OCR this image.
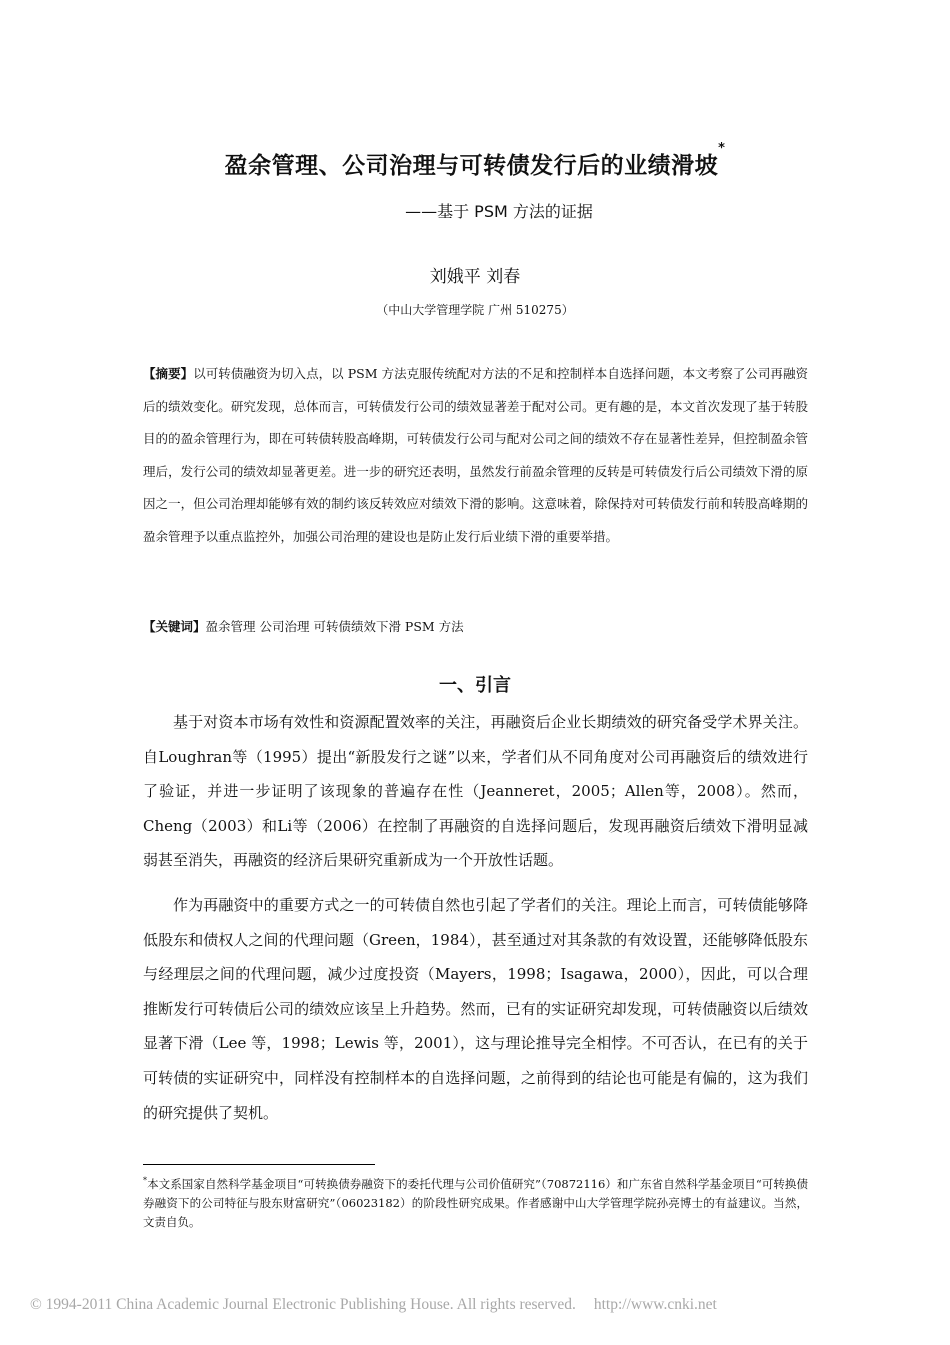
盈余管理、公司治理与可转债发行后的业绩滑坡*
——基于 PSM 方法的证据
刘娥平 刘春
（中山大学管理学院 广州 510275）
【摘要】以可转债融资为切入点，以 PSM 方法克服传统配对方法的不足和控制样本自选择问题，本文考察了公司再融资后的绩效变化。研究发现，总体而言，可转债发行公司的绩效显著差于配对公司。更有趣的是，本文首次发现了基于转股目的的盈余管理行为，即在可转债转股高峰期，可转债发行公司与配对公司之间的绩效不存在显著性差异，但控制盈余管理后，发行公司的绩效却显著更差。进一步的研究还表明，虽然发行前盈余管理的反转是可转债发行后公司绩效下滑的原因之一，但公司治理却能够有效的制约该反转效应对绩效下滑的影响。这意味着，除保持对可转债发行前和转股高峰期的盈余管理予以重点监控外，加强公司治理的建设也是防止发行后业绩下滑的重要举措。
【关键词】盈余管理 公司治理 可转债绩效下滑 PSM 方法
一、引言

基于对资本市场有效性和资源配置效率的关注，再融资后企业长期绩效的研究备受学术界关注。自Loughran等（1995）提出“新股发行之谜”以来，学者们从不同角度对公司再融资后的绩效进行了验证，并进一步证明了该现象的普遍存在性（Jeanneret，2005；Allen等，2008）。然而，Cheng（2003）和Li等（2006）在控制了再融资的自选择问题后，发现再融资后绩效下滑明显减弱甚至消失，再融资的经济后果研究重新成为一个开放性话题。

作为再融资中的重要方式之一的可转债自然也引起了学者们的关注。理论上而言，可转债能够降低股东和债权人之间的代理问题（Green，1984），甚至通过对其条款的有效设置，还能够降低股东与经理层之间的代理问题，减少过度投资（Mayers，1998；Isagawa，2000），因此，可以合理推断发行可转债后公司的绩效应该呈上升趋势。然而，已有的实证研究却发现，可转债融资以后绩效显著下滑（Lee 等，1998；Lewis 等，2001），这与理论推导完全相悖。不可否认，在已有的关于可转债的实证研究中，同样没有控制样本的自选择问题，之前得到的结论也可能是有偏的，这为我们的研究提供了契机。

*本文系国家自然科学基金项目“可转换债券融资下的委托代理与公司价值研究”（70872116）和广东省自然科学基金项目“可转换债券融资下的公司特征与股东财富研究”（06023182）的阶段性研究成果。作者感谢中山大学管理学院孙亮博士的有益建议。当然，文责自负。
© 1994-2011 China Academic Journal Electronic Publishing House. All rights reserved. http://www.cnki.net
